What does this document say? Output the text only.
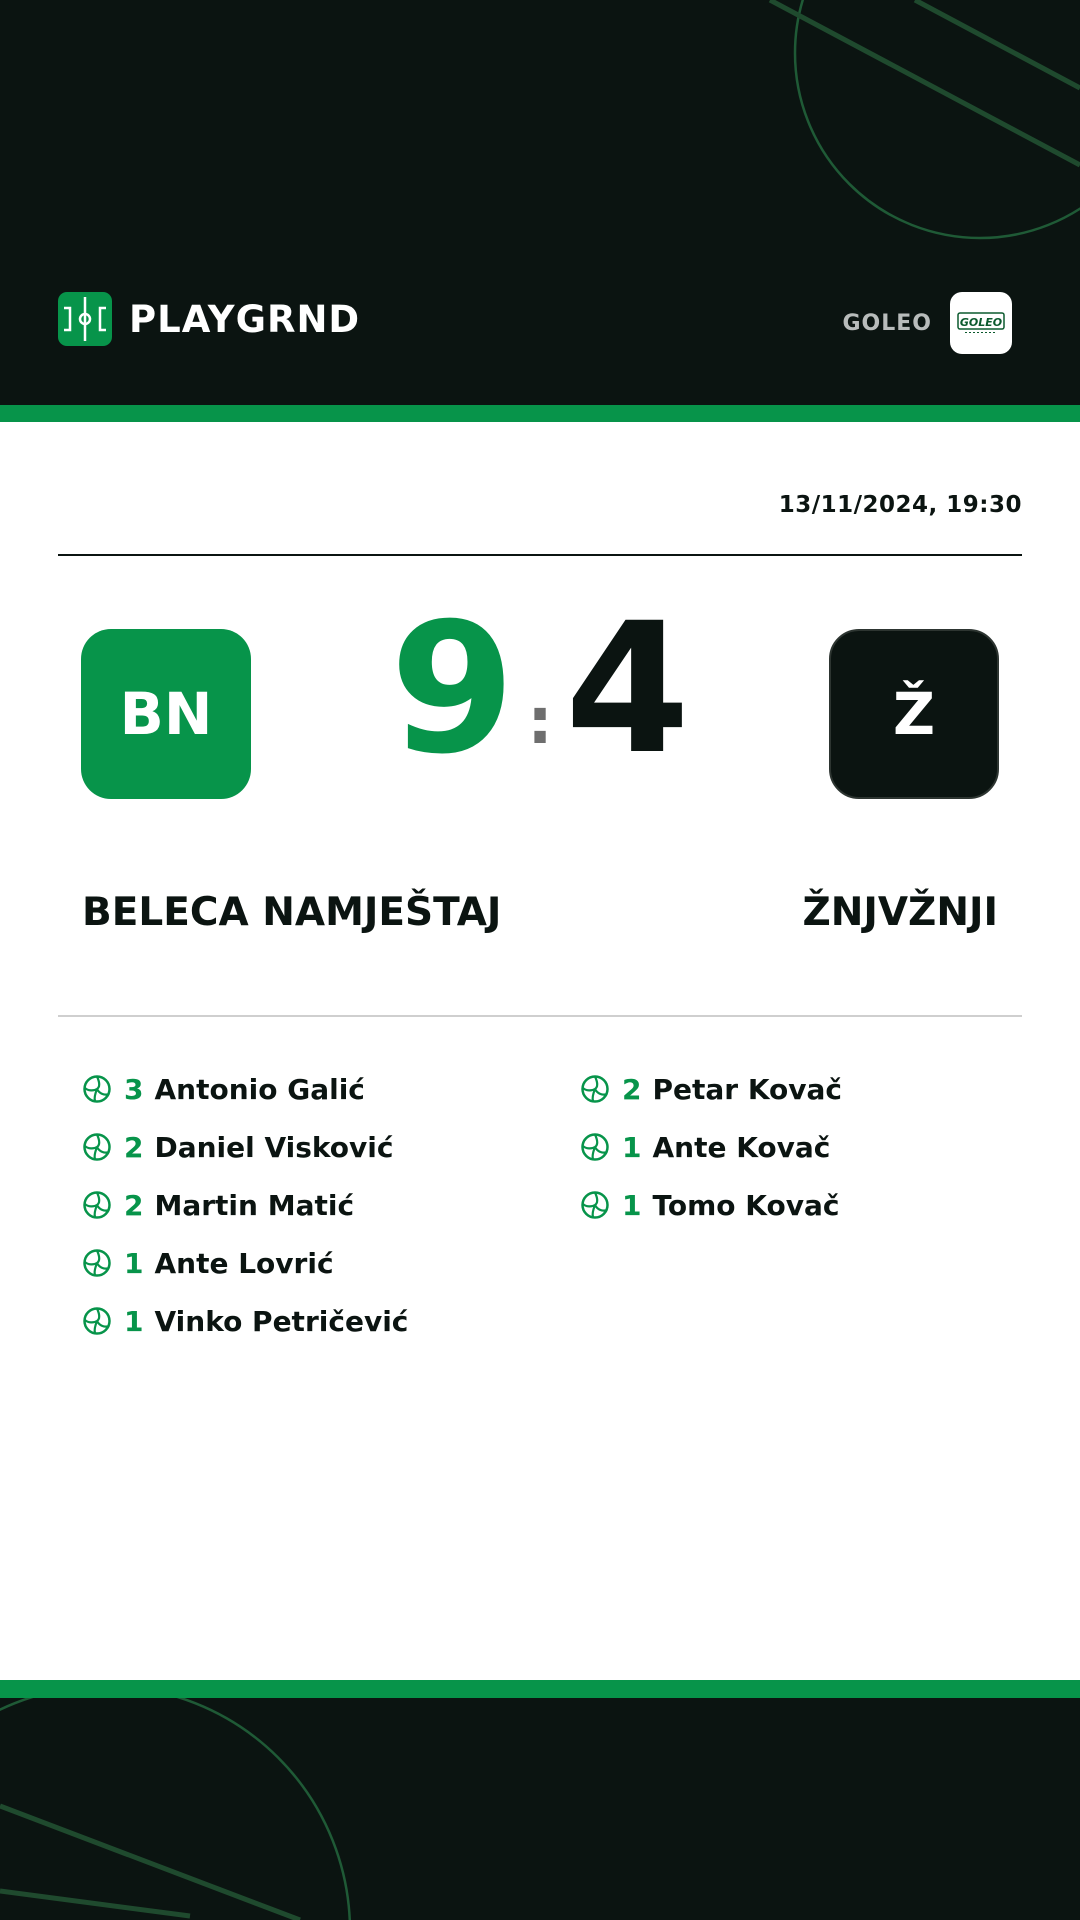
PLAYGRND	GOLEO	GOLEO
13/11/2024, 19:30
BN 9 : 4	Ž
BELECA NAMJEŠTAJ	ŽNJVŽNJI
3 Antonio Galić
2 Daniel Visković
2 Martin Matić
1 Ante Lovrić
1 Vinko Petričević
2 Petar Kovač
1 Ante Kovač
1 Tomo Kovač
